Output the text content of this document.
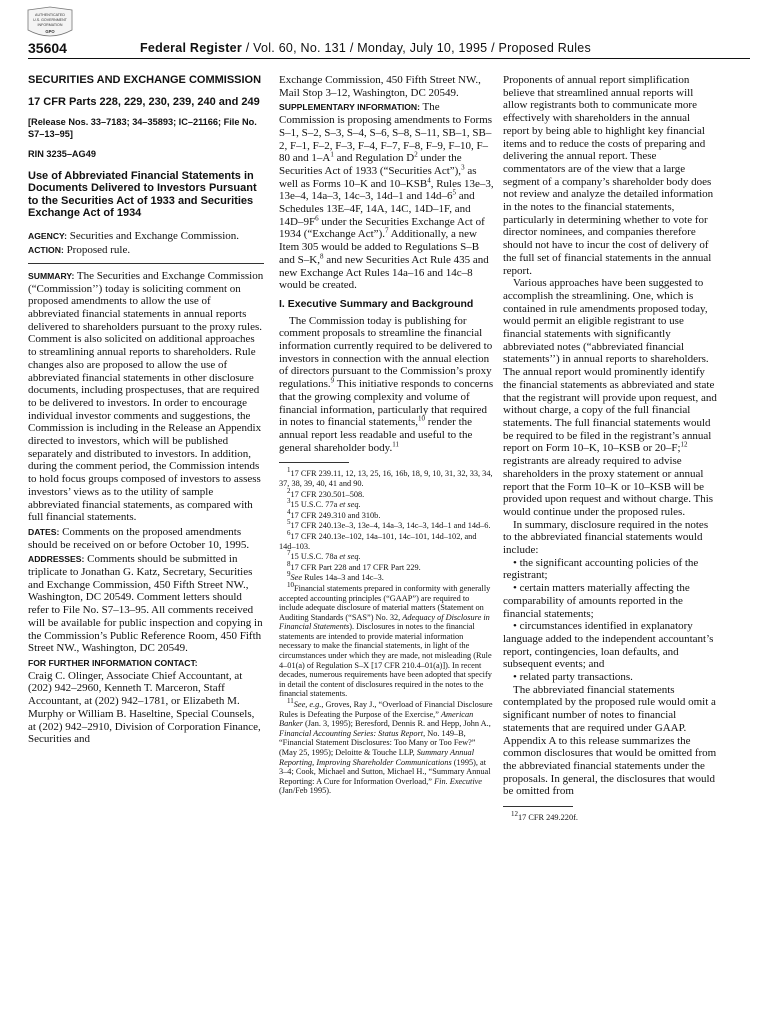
AUTHENTICATED
U.S. GOVERNMENT
INFORMATION
GPO
35604	Federal Register / Vol. 60, No. 131 / Monday, July 10, 1995 / Proposed Rules
SECURITIES AND EXCHANGE COMMISSION
17 CFR Parts 228, 229, 230, 239, 240 and 249
[Release Nos. 33–7183; 34–35893; IC–21166; File No. S7–13–95]
RIN 3235–AG49
Use of Abbreviated Financial Statements in Documents Delivered to Investors Pursuant to the Securities Act of 1933 and Securities Exchange Act of 1934

AGENCY: Securities and Exchange Commission.

ACTION: Proposed rule.

SUMMARY: The Securities and Exchange Commission (“Commission’’) today is soliciting comment on proposed amendments to allow the use of abbreviated financial statements in annual reports delivered to shareholders pursuant to the proxy rules. Comment is also solicited on additional approaches to streamlining annual reports to shareholders. Rule changes also are proposed to allow the use of abbreviated financial statements in other disclosure documents, including prospectuses, that are required to be delivered to investors. In order to encourage individual investor comments and suggestions, the Commission is including in the Release an Appendix directed to investors, which will be published separately and distributed to investors. In addition, during the comment period, the Commission intends to hold focus groups composed of investors to assess investors’ views as to the utility of sample abbreviated financial statements, as compared with full financial statements.

DATES: Comments on the proposed amendments should be received on or before October 10, 1995.

ADDRESSES: Comments should be submitted in triplicate to Jonathan G. Katz, Secretary, Securities and Exchange Commission, 450 Fifth Street NW., Washington, DC 20549. Comment letters should refer to File No. S7–13–95. All comments received will be available for public inspection and copying in the Commission’s Public Reference Room, 450 Fifth Street NW., Washington, DC 20549.

FOR FURTHER INFORMATION CONTACT:
Craig C. Olinger, Associate Chief Accountant, at (202) 942–2960, Kenneth T. Marceron, Staff Accountant, at (202) 942–1781, or Elizabeth M. Murphy or William B. Haseltine, Special Counsels, at (202) 942–2910, Division of Corporation Finance, Securities and

Exchange Commission, 450 Fifth Street NW., Mail Stop 3–12, Washington, DC 20549.

SUPPLEMENTARY INFORMATION: The Commission is proposing amendments to Forms S–1, S–2, S–3, S–4, S–6, S–8, S–11, SB–1, SB–2, F–1, F–2, F–3, F–4, F–7, F–8, F–9, F–10, F–80 and $1-A^1$ and Regulation $D^2$ under the Securities Act of 1933 (“Securities Act”),$^3$ as well as Forms 10–K and 10–KSB$^4$, Rules 13e–3, 13e–4, 14a–3, 14c–3, 14d–1 and $14d-6^5$ and Schedules 13E–4F, 14A, 14C, 14D–1F, and $14D-9F^6$ under the Securities Exchange Act of 1934 (“Exchange Act”).$^7$ Additionally, a new Item 305 would be added to Regulations S–B and S–K,$^8$ and new Securities Act Rule 435 and new Exchange Act Rules 14a–16 and 14c–8 would be created.

I. Executive Summary and Background

The Commission today is publishing for comment proposals to streamline the financial information currently required to be delivered to investors in connection with the annual election of directors pursuant to the Commission’s proxy regulations.$^9$ This initiative responds to concerns that the growing complexity and volume of financial information, particularly that required in notes to financial statements,$^{10}$ render the annual report less readable and useful to the general shareholder body.$^{11}$

$^1$17 CFR 239.11, 12, 13, 25, 16, 16b, 18, 9, 10, 31, 32, 33, 34, 37, 38, 39, 40, 41 and 90.

$^2$17 CFR 230.501–508.

$^3$15 U.S.C. 77a et seq.

$^4$17 CFR 249.310 and 310b.

$^5$17 CFR 240.13e–3, 13e–4, 14a–3, 14c–3, 14d–1 and 14d–6.

$^6$17 CFR 240.13e–102, 14a–101, 14c–101, 14d–102, and 14d–103.

$^7$15 U.S.C. 78a et seq.

$^8$17 CFR Part 228 and 17 CFR Part 229.

$^9$See Rules 14a–3 and 14c–3.

$^{10}$Financial statements prepared in conformity with generally accepted accounting principles (“GAAP”) are required to include adequate disclosure of material matters (Statement on Auditing Standards (“SAS”) No. 32, Adequacy of Disclosure in Financial Statements). Disclosures in notes to the financial statements are intended to provide material information necessary to make the financial statements, in light of the circumstances under which they are made, not misleading (Rule 4–01(a) of Regulation S–X [17 CFR 210.4–01(a)]). In recent decades, numerous requirements have been adopted that specify in detail the content of disclosures required in the notes to the financial statements.

$^{11}$See, e.g., Groves, Ray J., “Overload of Financial Disclosure Rules is Defeating the Purpose of the Exercise,” American Banker (Jan. 3, 1995); Beresford, Dennis R. and Hepp, John A., Financial Accounting Series: Status Report, No. 149–B, “Financial Statement Disclosures: Too Many or Too Few?” (May 25, 1995); Deloitte & Touche LLP, Summary Annual Reporting, Improving Shareholder Communications (1995), at 3–4; Cook, Michael and Sutton, Michael H., “Summary Annual Reporting: A Cure for Information Overload,” Fin. Executive (Jan/Feb 1995).

Proponents of annual report simplification believe that streamlined annual reports will allow registrants both to communicate more effectively with shareholders in the annual report by being able to highlight key financial items and to reduce the costs of preparing and delivering the annual report. These commentators are of the view that a large segment of a company’s shareholder body does not review and analyze the detailed information in the notes to the financial statements, particularly in determining whether to vote for director nominees, and companies therefore should not have to incur the cost of delivery of the full set of financial statements in the annual report.

Various approaches have been suggested to accomplish the streamlining. One, which is contained in rule amendments proposed today, would permit an eligible registrant to use financial statements with significantly abbreviated notes (“abbreviated financial statements’’) in annual reports to shareholders. The annual report would prominently identify the financial statements as abbreviated and state that the registrant will provide upon request, and without charge, a copy of the full financial statements. The full financial statements would be required to be filed in the registrant’s annual report on Form 10–K, 10–KSB or 20–F;$^{12}$ registrants are already required to advise shareholders in the proxy statement or annual report that the Form 10–K or 10–KSB will be provided upon request and without charge. This would continue under the proposed rules.

In summary, disclosure required in the notes to the abbreviated financial statements would include:

• the significant accounting policies of the registrant;

• certain matters materially affecting the comparability of amounts reported in the financial statements;

• circumstances identified in explanatory language added to the independent accountant’s report, contingencies, loan defaults, and subsequent events; and

• related party transactions.

The abbreviated financial statements contemplated by the proposed rule would omit a significant number of notes to financial statements that are required under GAAP. Appendix A to this release summarizes the common disclosures that would be omitted from the abbreviated financial statements under the proposals. In general, the disclosures that would be omitted from

$^{12}$17 CFR 249.220f.
